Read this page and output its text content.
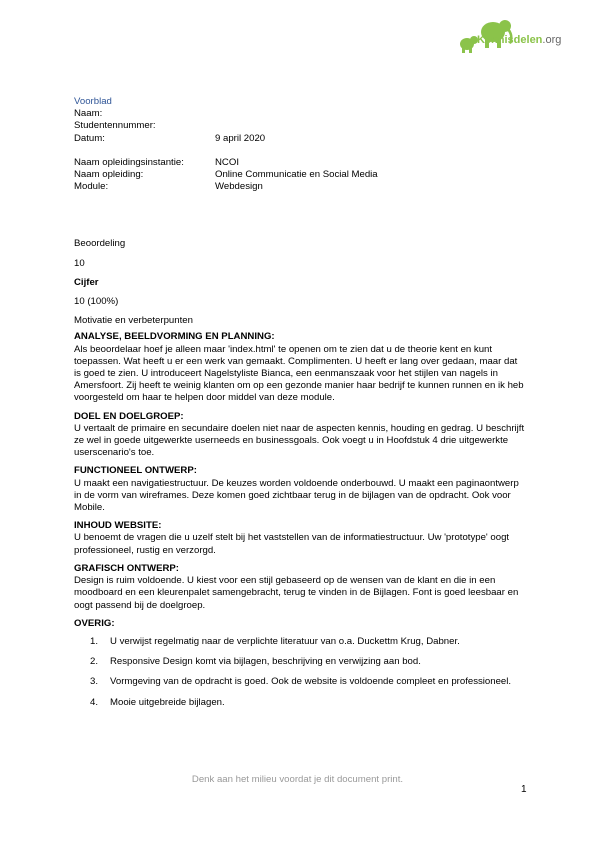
Kennisdelen.org
Voorblad
Naam:
Studentennummer:
Datum:	9 april 2020
Naam opleidingsinstantie:	NCOI
Naam opleiding:	Online Communicatie en Social Media
Module:	Webdesign

Beoordeling

10

Cijfer

10 (100%)

Motivatie en verbeterpunten

ANALYSE, BEELDVORMING EN PLANNING:
Als beoordelaar hoef je alleen maar 'index.html' te openen om te zien dat u de theorie kent en kunt toepassen. Wat heeft u er een werk van gemaakt. Complimenten. U heeft er lang over gedaan, maar dat is goed te zien. U introduceert Nagelstyliste Bianca, een eenmanszaak voor het stijlen van nagels in Amersfoort. Zij heeft te weinig klanten om op een gezonde manier haar bedrijf te kunnen runnen en ik heb voorgesteld om haar te helpen door middel van deze module.
DOEL EN DOELGROEP:
U vertaalt de primaire en secundaire doelen niet naar de aspecten kennis, houding en gedrag. U beschrijft ze wel in goede uitgewerkte userneeds en businessgoals. Ook voegt u in Hoofdstuk 4 drie uitgewerkte userscenario's toe.
FUNCTIONEEL ONTWERP:
U maakt een navigatiestructuur. De keuzes worden voldoende onderbouwd. U maakt een paginaontwerp in de vorm van wireframes. Deze komen goed zichtbaar terug in de bijlagen van de opdracht. Ook voor Mobile.
INHOUD WEBSITE:
U benoemt de vragen die u uzelf stelt bij het vaststellen van de informatiestructuur. Uw 'prototype' oogt professioneel, rustig en verzorgd.
GRAFISCH ONTWERP:
Design is ruim voldoende. U kiest voor een stijl gebaseerd op de wensen van de klant en die in een moodboard en een kleurenpalet samengebracht, terug te vinden in de Bijlagen. Font is goed leesbaar en oogt passend bij de doelgroep.
OVERIG:
1.	U verwijst regelmatig naar de verplichte literatuur van o.a. Duckettm Krug, Dabner.
2.	Responsive Design komt via bijlagen, beschrijving en verwijzing aan bod.
3.	Vormgeving van de opdracht is goed. Ook de website is voldoende compleet en professioneel.
4.	Mooie uitgebreide bijlagen.
Denk aan het milieu voordat je dit document print.
1
